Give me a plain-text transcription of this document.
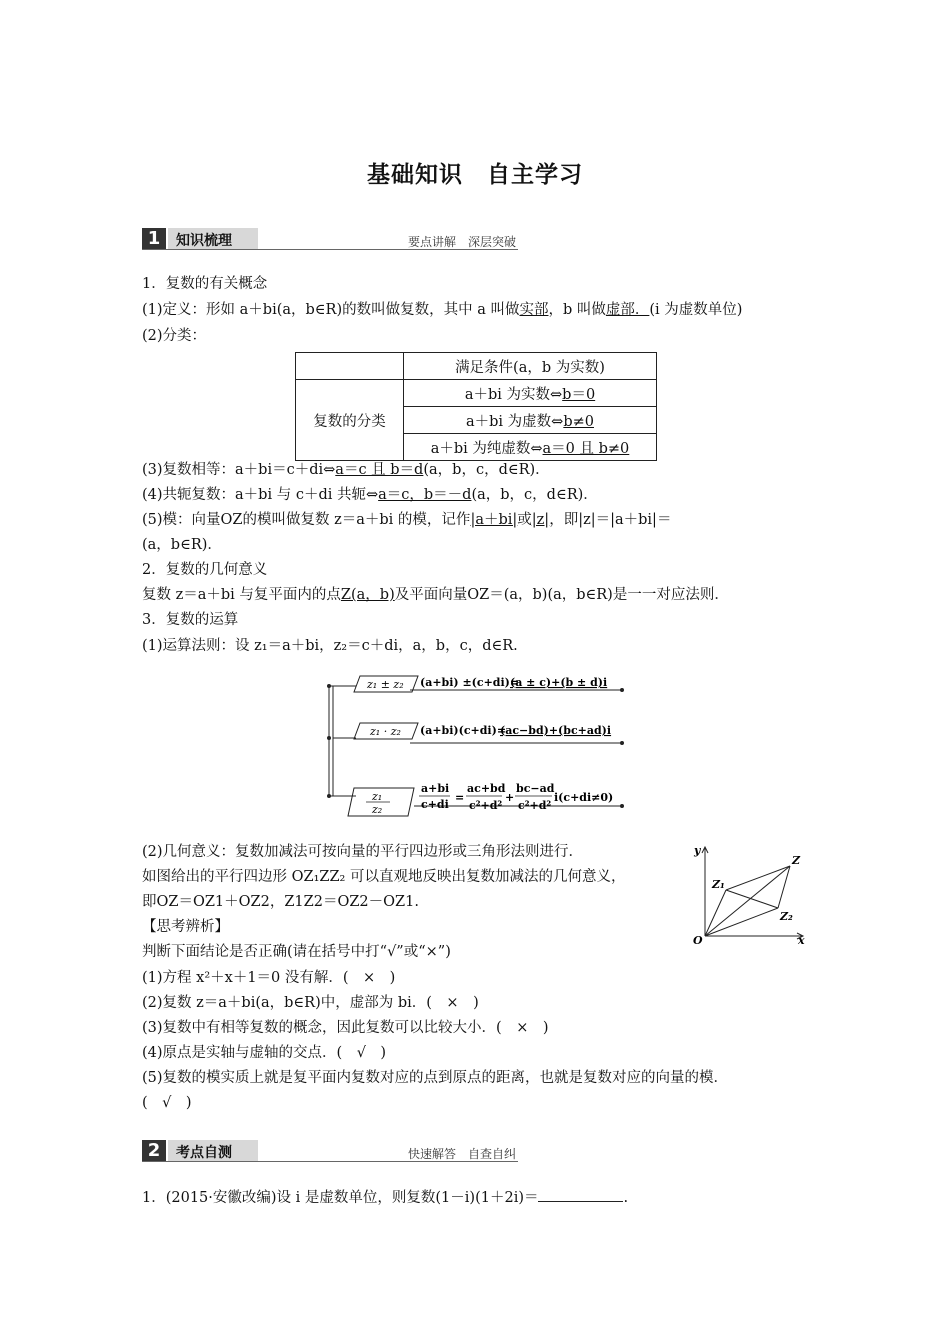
基础知识　自主学习
1	知识梳理	要点讲解　深层突破
1．复数的有关概念
(1)定义：形如 a＋bi(a，b∈R)的数叫做复数，其中 a 叫做实部，b 叫做虚部．(i 为虚数单位)
(2)分类：
	满足条件(a，b 为实数)
复数的分类	a＋bi 为实数⇔b＝0
	a＋bi 为虚数⇔b≠0
	a＋bi 为纯虚数⇔a＝0 且 b≠0
(3)复数相等：a＋bi＝c＋di⇔a＝c 且 b＝d(a，b，c，d∈R)．
(4)共轭复数：a＋bi 与 c＋di 共轭⇔a＝c，b＝－d(a，b，c，d∈R)．
(5)模：向量OZ的模叫做复数 z＝a＋bi 的模，记作|a＋bi|或|z|，即|z|＝|a＋bi|＝
(a，b∈R)．
2．复数的几何意义
复数 z＝a＋bi 与复平面内的点Z(a，b)及平面向量OZ＝(a，b)(a，b∈R)是一一对应法则．
3．复数的运算
(1)运算法则：设 z₁＝a＋bi，z₂＝c＋di，a，b，c，d∈R.
z₁ ± z₂
z₁ · z₂
z₁
z₂
(a+bi) ±(c+di)=
(a ± c)+(b ± d)i
(a+bi)(c+di)=
(ac−bd)+(bc+ad)i
a+bi
c+di
=
ac+bd
c²+d²
+
bc−ad
c²+d²
i(c+di≠0)
(2)几何意义：复数加减法可按向量的平行四边形或三角形法则进行．
如图给出的平行四边形 OZ₁ZZ₂ 可以直观地反映出复数加减法的几何意义，
即OZ＝OZ1＋OZ2，Z1Z2＝OZ2－OZ1.
y
x
O
Z
Z₁
Z₂
【思考辨析】
判断下面结论是否正确(请在括号中打“√”或“×”)
(1)方程 x²＋x＋1＝0 没有解．(　×　)
(2)复数 z＝a＋bi(a，b∈R)中，虚部为 bi．(　×　)
(3)复数中有相等复数的概念，因此复数可以比较大小．(　×　)
(4)原点是实轴与虚轴的交点．(　√　)
(5)复数的模实质上就是复平面内复数对应的点到原点的距离，也就是复数对应的向量的模．
(　√　)
2	考点自测	快速解答　自查自纠
1．(2015·安徽改编)设 i 是虚数单位，则复数(1－i)(1＋2i)＝	.
